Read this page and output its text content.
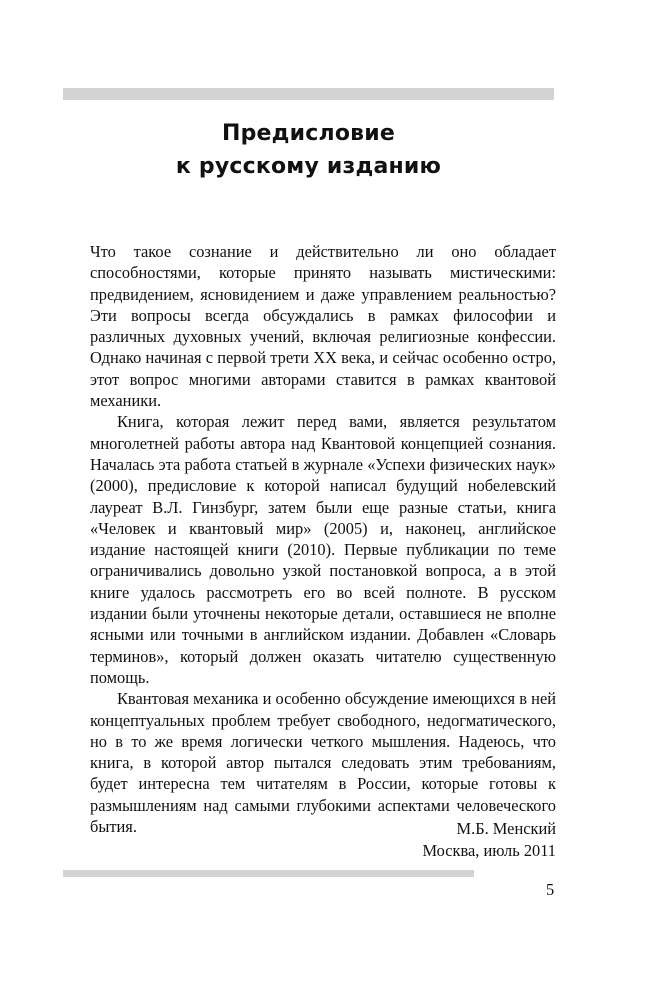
Предисловие
к русскому изданию

Что такое сознание и действительно ли оно обладает способностями, которые принято называть мистическими: предвидением, ясновидением и даже управлением реальностью? Эти вопросы всегда обсуждались в рамках философии и различных духовных учений, включая религиозные конфессии. Однако начиная с первой трети XX века, и сейчас особенно остро, этот вопрос многими авторами ставится в рамках квантовой механики.

Книга, которая лежит перед вами, является результатом многолетней работы автора над Квантовой концепцией сознания. Началась эта работа статьей в журнале «Успехи физических наук» (2000), предисловие к которой написал будущий нобелевский лауреат В.Л. Гинзбург, затем были еще разные статьи, книга «Человек и квантовый мир» (2005) и, наконец, английское издание настоящей книги (2010). Первые публикации по теме ограничивались довольно узкой постановкой вопроса, а в этой книге удалось рассмотреть его во всей полноте. В русском издании были уточнены некоторые детали, оставшиеся не вполне ясными или точными в английском издании. Добавлен «Словарь терминов», который должен оказать читателю существенную помощь.

Квантовая механика и особенно обсуждение имеющихся в ней концептуальных проблем требует свободного, недогматического, но в то же время логически четкого мышления. Надеюсь, что книга, в которой автор пытался следовать этим требованиям, будет интересна тем читателям в России, которые готовы к размышлениям над самыми глубокими аспектами человеческого бытия.	М.Б. Менский
Москва, июль 2011
5
